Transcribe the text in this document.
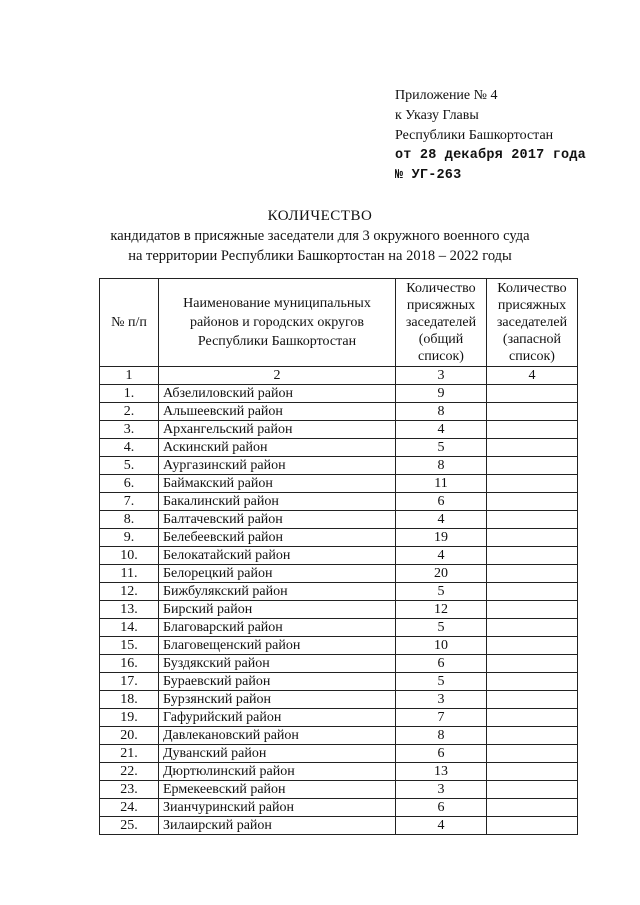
Приложение № 4
к Указу Главы
Республики Башкортостан
от 28 декабря 2017 года
№ УГ-263
КОЛИЧЕСТВО
кандидатов в присяжные заседатели для 3 окружного военного суда
на территории Республики Башкортостан на 2018 – 2022 годы
№ п/п	Наименование муниципальных районов и городских округов Республики Башкортостан	Количество присяжных заседателей (общий список)	Количество присяжных заседателей (запасной список)
1	2	3	4
1.	Абзелиловский район	9	
2.	Альшеевский район	8	
3.	Архангельский район	4	
4.	Аскинский район	5	
5.	Аургазинский район	8	
6.	Баймакский район	11	
7.	Бакалинский район	6	
8.	Балтачевский район	4	
9.	Белебеевский район	19	
10.	Белокатайский район	4	
11.	Белорецкий район	20	
12.	Бижбулякский район	5	
13.	Бирский район	12	
14.	Благоварский район	5	
15.	Благовещенский район	10	
16.	Буздякский район	6	
17.	Бураевский район	5	
18.	Бурзянский район	3	
19.	Гафурийский район	7	
20.	Давлекановский район	8	
21.	Дуванский район	6	
22.	Дюртюлинский район	13	
23.	Ермекеевский район	3	
24.	Зианчуринский район	6	
25.	Зилаирский район	4	
